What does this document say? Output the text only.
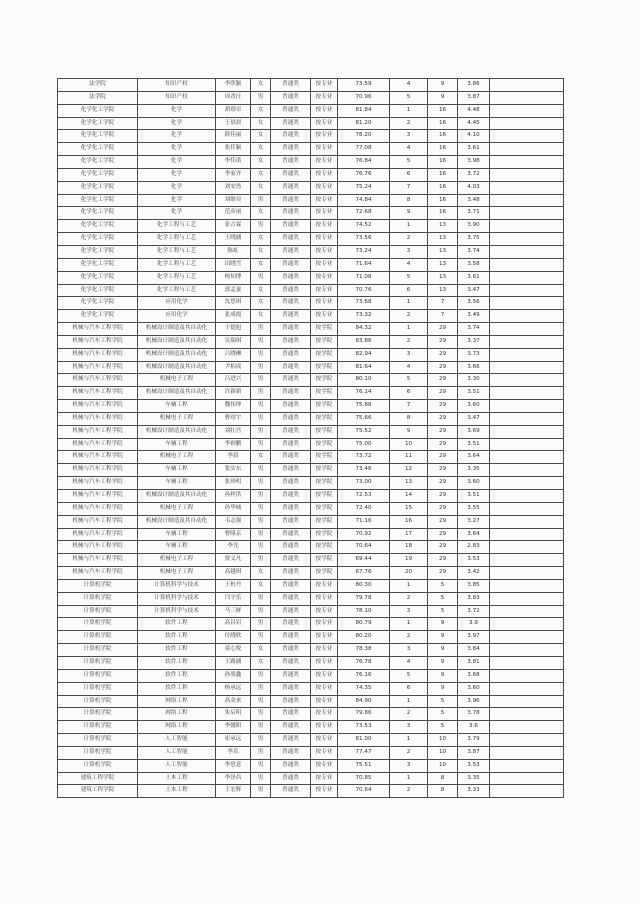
法学院	知识产权	李欣颖	女	普通类	按专业	73.59	4	9	3.86	
法学院	知识产权	周香汪	男	普通类	按专业	70.96	5	9	3.87	
化学化工学院	化学	胡璟卓	女	普通类	按专业	81.84	1	16	4.48	
化学化工学院	化学	王晨晨	女	普通类	按专业	81.20	2	16	4.45	
化学化工学院	化学	薛佳丽	女	普通类	按专业	78.20	3	16	4.10	
化学化工学院	化学	张佳颖	女	普通类	按专业	77.08	4	16	3.61	
化学化工学院	化学	李佳诺	女	普通类	按专业	76.84	5	16	3.98	
化学化工学院	化学	李家齐	女	普通类	按专业	76.76	6	16	3.72	
化学化工学院	化学	刘安然	女	普通类	按专业	75.24	7	16	4.03	
化学化工学院	化学	刘维昊	男	普通类	按专业	74.84	8	16	3.48	
化学化工学院	化学	范彦丽	女	普通类	按专业	72.68	9	16	3.71	
化学化工学院	化学工程与工艺	张吉霖	男	普通类	按专业	74.52	1	13	3.90	
化学化工学院	化学工程与工艺	王晓涵	女	普通类	按专业	73.56	2	13	3.75	
化学化工学院	化学工程与工艺	陈虹	女	普通类	按专业	73.24	3	13	3.74	
化学化工学院	化学工程与工艺	田晓雪	女	普通类	按专业	71.64	4	13	3.58	
化学化工学院	化学工程与工艺	杨知博	男	普通类	按专业	71.08	5	13	3.61	
化学化工学院	化学工程与工艺	郭孟妻	女	普通类	按专业	70.76	6	13	3.47	
化学化工学院	应用化学	沈思琪	女	普通类	按专业	73.68	1	7	3.56	
化学化工学院	应用化学	张成霞	女	普通类	按专业	73.32	2	7	3.49	
机械与汽车工程学院	机械设计制造及其自动化	于德旭	男	普通类	按学院	84.32	1	29	3.74	
机械与汽车工程学院	机械设计制造及其自动化	吴瑞琪	男	普通类	按学院	83.86	2	29	3.37	
机械与汽车工程学院	机械设计制造及其自动化	吕晓琳	男	普通类	按学院	82.94	3	29	3.73	
机械与汽车工程学院	机械设计制造及其自动化	尹栢成	男	普通类	按学院	81.64	4	29	3.66	
机械与汽车工程学院	机械电子工程	吕进兴	男	普通类	按学院	80.10	5	29	3.30	
机械与汽车工程学院	机械设计制造及其自动化	许新新	男	普通类	按学院	76.14	6	29	3.51	
机械与汽车工程学院	车辆工程	魏伟坤	男	普通类	按学院	75.88	7	29	3.60	
机械与汽车工程学院	机械电子工程	曹靖宇	男	普通类	按学院	75.66	8	29	3.47	
机械与汽车工程学院	机械设计制造及其自动化	刘壮宫	男	普通类	按学院	75.52	9	29	3.69	
机械与汽车工程学院	车辆工程	李则鹏	男	普通类	按学院	75.00	10	29	3.51	
机械与汽车工程学院	机械电子工程	李晨	女	普通类	按学院	73.72	11	29	3.64	
机械与汽车工程学院	车辆工程	张实东	男	普通类	按学院	73.46	12	29	3.35	
机械与汽车工程学院	车辆工程	张珍明	男	普通类	按学院	73.00	13	29	3.60	
机械与汽车工程学院	机械设计制造及其自动化	孙梓洪	男	普通类	按学院	72.53	14	29	3.51	
机械与汽车工程学院	机械电子工程	孙华城	男	普通类	按学院	72.40	15	29	3.55	
机械与汽车工程学院	机械设计制造及其自动化	韦志强	男	普通类	按学院	71.16	16	29	3.27	
机械与汽车工程学院	车辆工程	曹隆京	男	普通类	按学院	70.92	17	29	3.64	
机械与汽车工程学院	车辆工程	李光	男	普通类	按学院	70.64	18	29	2.83	
机械与汽车工程学院	机械电子工程	贾义凡	男	普通类	按学院	69.44	19	29	3.53	
机械与汽车工程学院	机械电子工程	高越琪	女	普通类	按学院	67.76	20	29	3.42	
计算机学院	计算机科学与技术	王桓丹	女	普通类	按专业	80.30	1	5	3.85	
计算机学院	计算机科学与技术	闫宇乐	男	普通类	按专业	79.78	2	5	3.83	
计算机学院	计算机科学与技术	马三鲜	男	普通类	按专业	78.10	3	5	3.72	
计算机学院	软件工程	高昌岩	男	普通类	按专业	80.79	1	9	3.9	
计算机学院	软件工程	付晓欣	男	普通类	按专业	80.20	2	9	3.97	
计算机学院	软件工程	童心悦	女	普通类	按专业	78.38	3	9	3.84	
计算机学院	软件工程	王路涵	女	普通类	按专业	76.78	4	9	3.81	
计算机学院	软件工程	孙墨鑫	男	普通类	按专业	76.16	5	9	3.68	
计算机学院	软件工程	杨承远	男	普通类	按专业	74.35	6	9	3.60	
计算机学院	网络工程	高金来	男	普通类	按专业	84.90	1	5	3.96	
计算机学院	网络工程	朱启明	男	普通类	按专业	79.86	2	5	3.78	
计算机学院	网络工程	李懿阳	男	普通类	按专业	73.53	3	5	3.6	
计算机学院	人工智能	崔承远	男	普通类	按专业	81.00	1	10	3.79	
计算机学院	人工智能	李乐	男	普通类	按专业	77.47	2	10	3.87	
计算机学院	人工智能	李思意	男	普通类	按专业	75.51	3	10	3.53	
建筑工程学院	土木工程	李泽昌	男	普通类	按专业	70.85	1	8	3.35	
建筑工程学院	土木工程	王宏辉	男	普通类	按专业	70.64	2	8	3.33	
